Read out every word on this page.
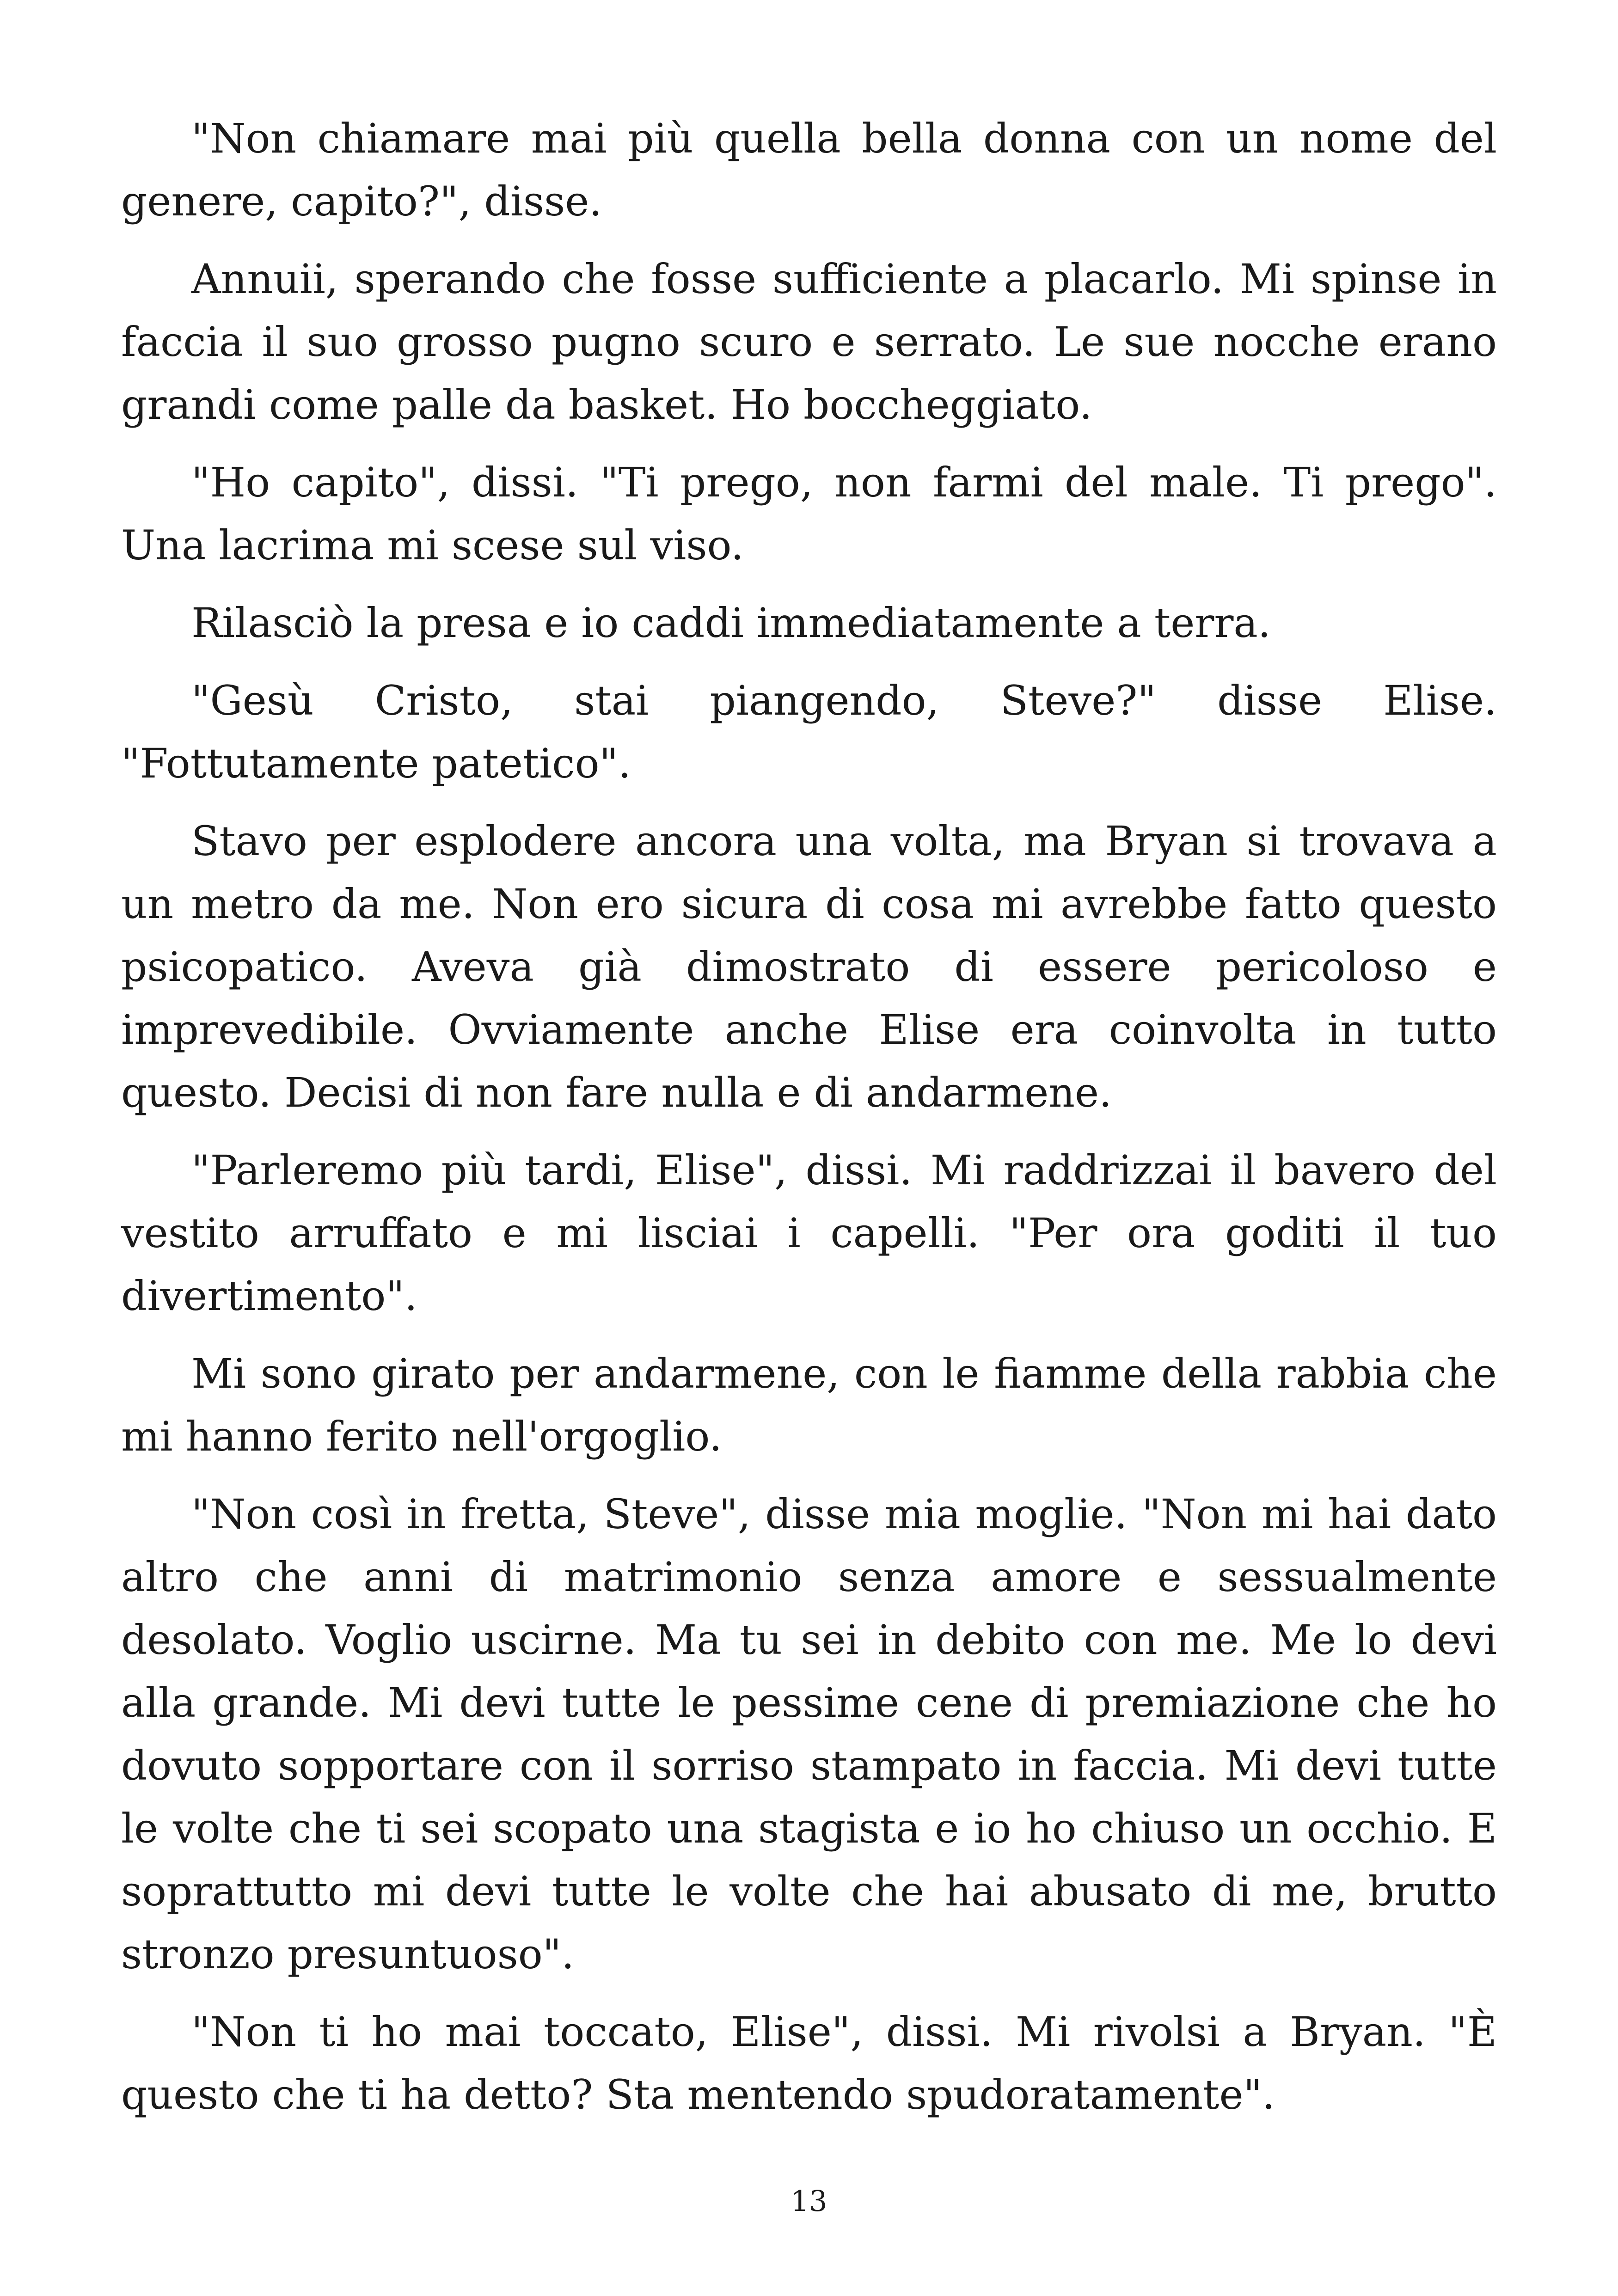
"Non chiamare mai più quella bella donna con un nome del genere, capito?", disse.

Annuii, sperando che fosse sufficiente a placarlo. Mi spinse in faccia il suo grosso pugno scuro e serrato. Le sue nocche erano grandi come palle da basket. Ho boccheggiato.

"Ho capito", dissi. "Ti prego, non farmi del male. Ti prego". Una lacrima mi scese sul viso.

Rilasciò la presa e io caddi immediatamente a terra.

"Gesù Cristo, stai piangendo, Steve?" disse Elise. "Fottutamente patetico".

Stavo per esplodere ancora una volta, ma Bryan si trovava a un metro da me. Non ero sicura di cosa mi avrebbe fatto questo psicopatico. Aveva già dimostrato di essere pericoloso e imprevedibile. Ovviamente anche Elise era coinvolta in tutto questo. Decisi di non fare nulla e di andarmene.

"Parleremo più tardi, Elise", dissi. Mi raddrizzai il bavero del vestito arruffato e mi lisciai i capelli. "Per ora goditi il tuo divertimento".

Mi sono girato per andarmene, con le fiamme della rabbia che mi hanno ferito nell'orgoglio.

"Non così in fretta, Steve", disse mia moglie. "Non mi hai dato altro che anni di matrimonio senza amore e sessualmente desolato. Voglio uscirne. Ma tu sei in debito con me. Me lo devi alla grande. Mi devi tutte le pessime cene di premiazione che ho dovuto sopportare con il sorriso stampato in faccia. Mi devi tutte le volte che ti sei scopato una stagista e io ho chiuso un occhio. E soprattutto mi devi tutte le volte che hai abusato di me, brutto stronzo presuntuoso".

"Non ti ho mai toccato, Elise", dissi. Mi rivolsi a Bryan. "È questo che ti ha detto? Sta mentendo spudoratamente".

13
